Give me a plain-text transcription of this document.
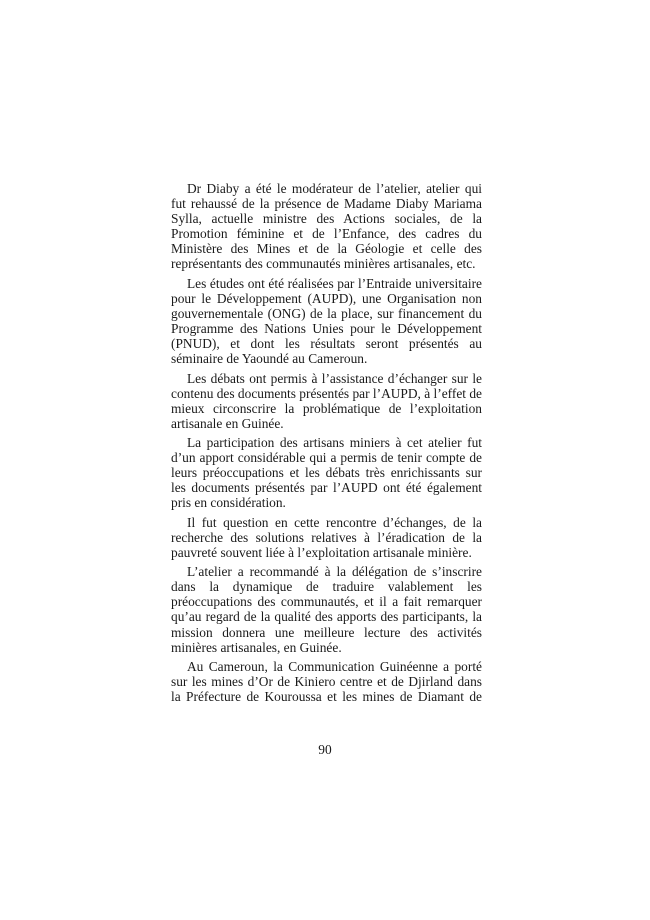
Dr Diaby a été le modérateur de l’atelier, atelier qui fut rehaussé de la présence de Madame Diaby Mariama Sylla, actuelle ministre des Actions sociales, de la Promotion féminine et de l’Enfance, des cadres du Ministère des Mines et de la Géologie et celle des représentants des communautés minières artisanales, etc.

Les études ont été réalisées par l’Entraide universitaire pour le Développement (AUPD), une Organisation non gouvernementale (ONG) de la place, sur financement du Programme des Nations Unies pour le Développement (PNUD), et dont les résultats seront présentés au séminaire de Yaoundé au Cameroun.

Les débats ont permis à l’assistance d’échanger sur le contenu des documents présentés par l’AUPD, à l’effet de mieux circonscrire la problématique de l’exploitation artisanale en Guinée.

La participation des artisans miniers à cet atelier fut d’un apport considérable qui a permis de tenir compte de leurs préoccupations et les débats très enrichissants sur les documents présentés par l’AUPD ont été également pris en considération.

Il fut question en cette rencontre d’échanges, de la recherche des solutions relatives à l’éradication de la pauvreté souvent liée à l’exploitation artisanale minière.

L’atelier a recommandé à la délégation de s’inscrire dans la dynamique de traduire valablement les préoccupations des communautés, et il a fait remarquer qu’au regard de la qualité des apports des participants, la mission donnera une meilleure lecture des activités minières artisanales, en Guinée.

Au Cameroun, la Communication Guinéenne a porté sur les mines d’Or de Kiniero centre et de Djirland dans la Préfecture de Kouroussa et les mines de Diamant de

90
